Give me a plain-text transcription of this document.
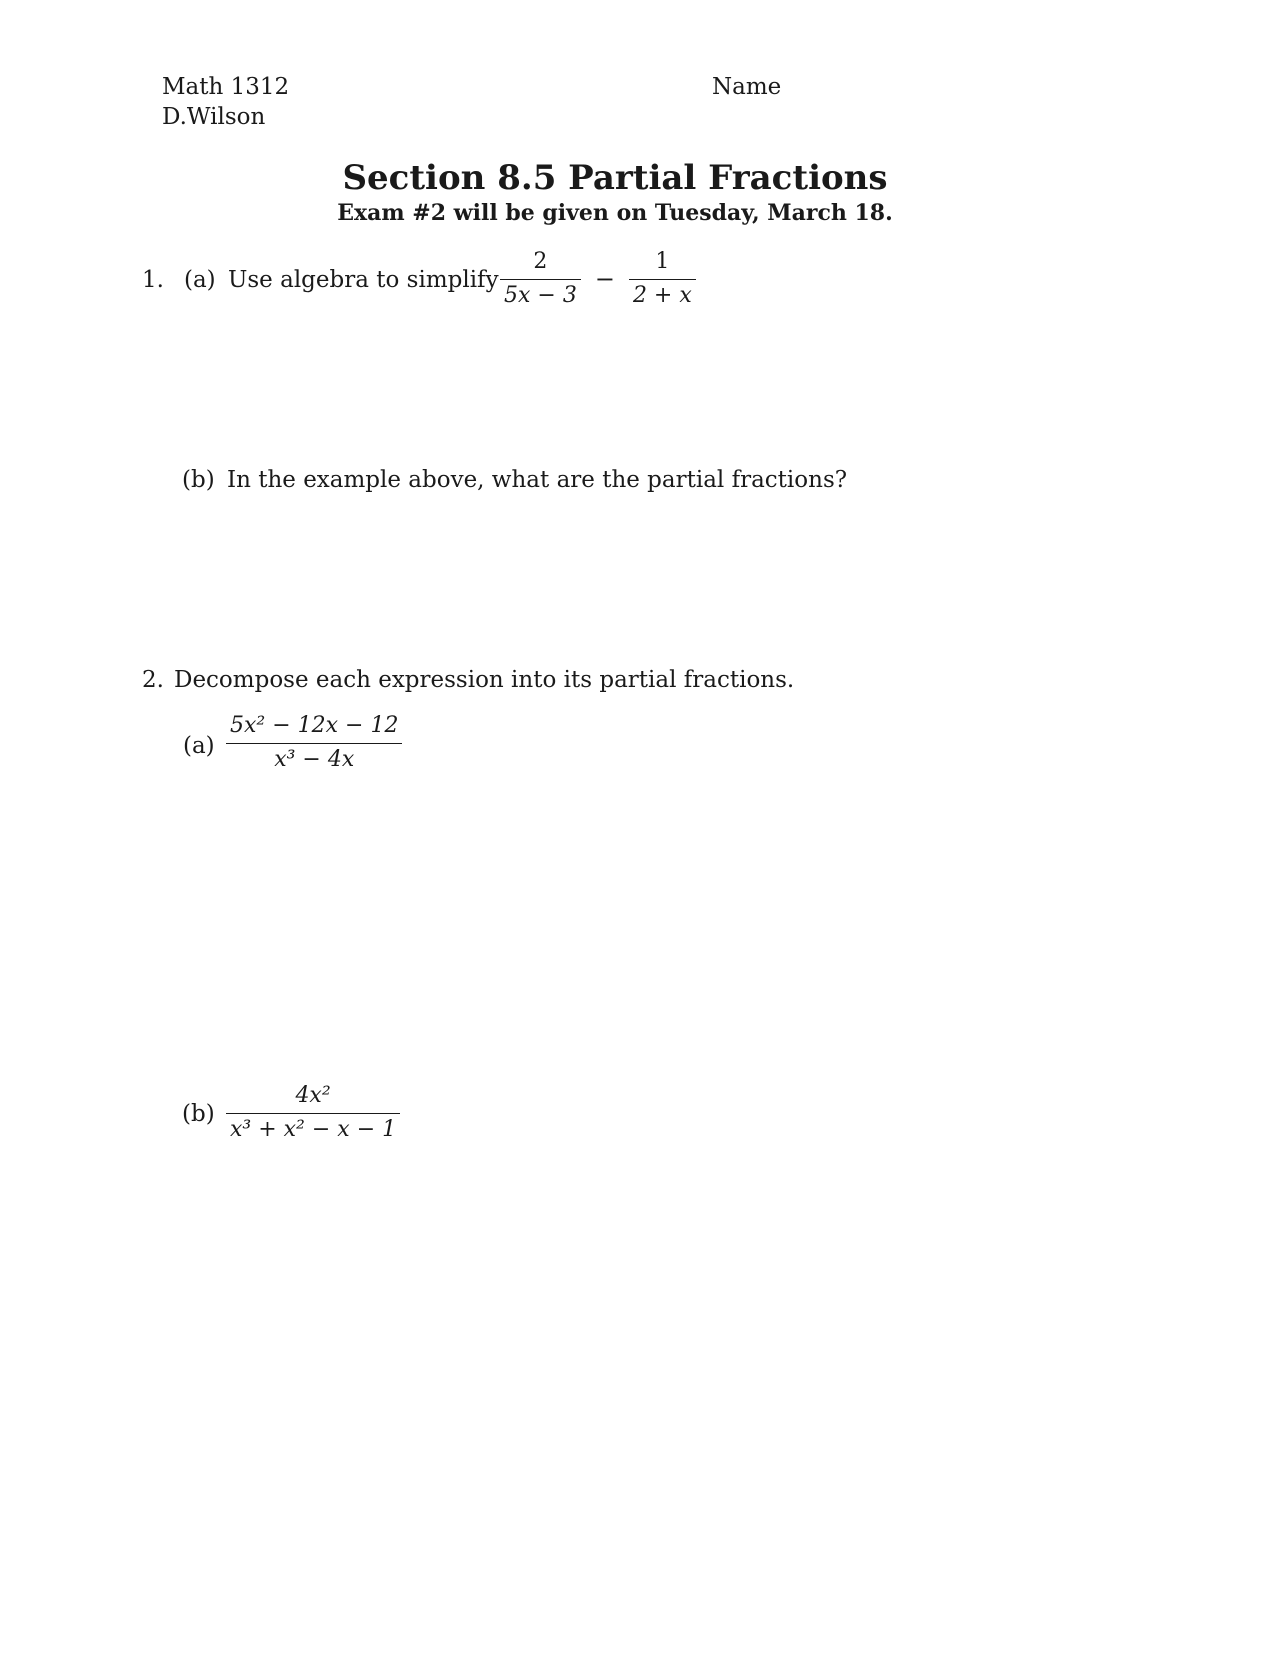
Math 1312
D.Wilson
Name
Section 8.5 Partial Fractions
Exam #2 will be given on Tuesday, March 18.
1. (a) Use algebra to simplify $\frac{2}{5x - 3} - \frac{1}{2 + x}$
(b) In the example above, what are the partial fractions?
2. Decompose each expression into its partial fractions.
$(a) \frac{\text{5x² − 12x − 12}}{\text{x³ − 4x}}$
$(b) \frac{\text{4x²}}{\text{x³ + x² − x − 1}}$
